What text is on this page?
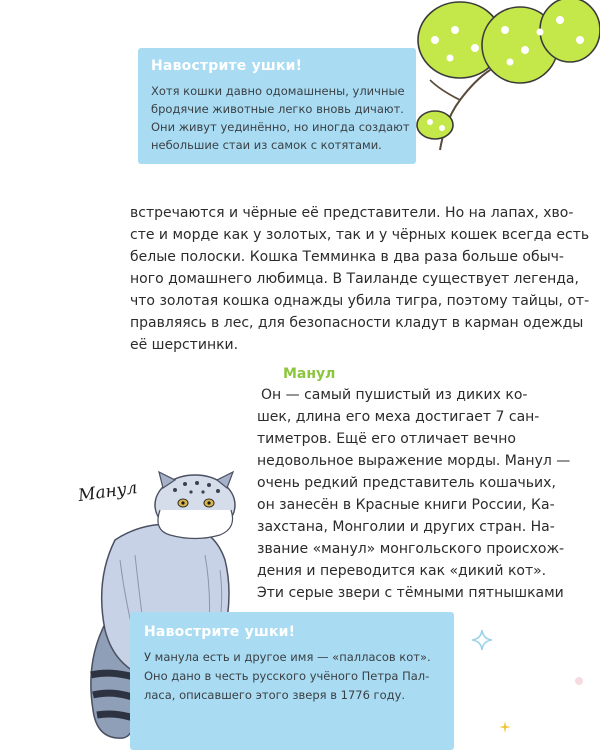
Навострите ушки!
Хотя кошки давно одомашнены, уличные
бродячие животные легко вновь дичают.
Они живут уединённо, но иногда создают
небольшие стаи из самок с котятами.
встречаются и чёрные её представители. Но на лапах, хво-
сте и морде как у золотых, так и у чёрных кошек всегда есть
белые полоски. Кошка Темминка в два раза больше обыч-
ного домашнего любимца. В Таиланде существует легенда,
что золотая кошка однажды убила тигра, поэтому тайцы, от-
правляясь в лес, для безопасности кладут в карман одежды
её шерстинки.
Манул
Он — самый пушистый из диких ко-
шек, длина его меха достигает 7 сан-
тиметров. Ещё его отличает вечно
недовольное выражение морды. Манул —
очень редкий представитель кошачьих,
он занесён в Красные книги России, Ка-
захстана, Монголии и других стран. На-
звание «манул» монгольского происхож-
дения и переводится как «дикий кот».
Эти серые звери с тёмными пятнышками
Манул
Навострите ушки!
У манула есть и другое имя — «палласов кот».
Оно дано в честь русского учёного Петра Пал-
ласа, описавшего этого зверя в 1776 году.
